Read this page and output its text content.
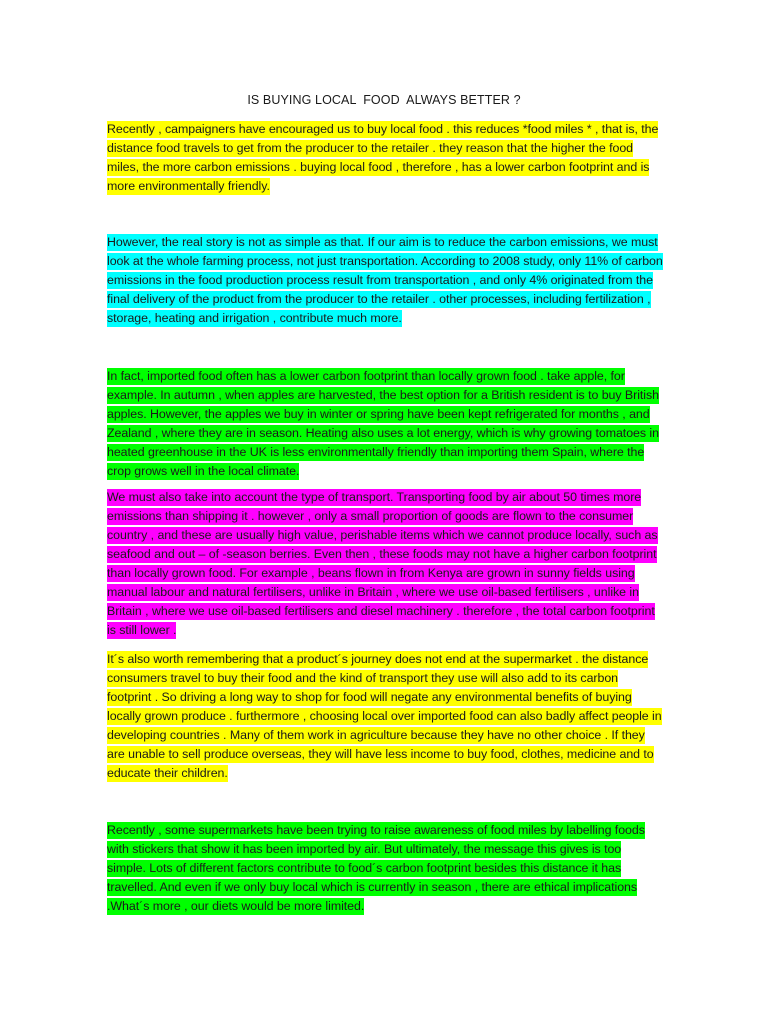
IS BUYING LOCAL  FOOD  ALWAYS BETTER ?

Recently , campaigners have encouraged us to buy local food . this reduces *food miles * , that is, the distance food travels to get from the producer to the retailer . they reason that the higher the food miles, the more carbon emissions . buying local food , therefore , has a lower carbon footprint and is more environmentally friendly.

However, the real story is not as simple as that. If our aim is to reduce the carbon emissions, we must look at the whole farming process, not just transportation. According to 2008 study, only 11% of carbon emissions in the food production process result from transportation , and only 4% originated from the final delivery of the product from the producer to the retailer . other processes, including fertilization , storage, heating and irrigation , contribute much more.

In fact, imported food often has a lower carbon footprint than locally grown food . take apple, for example. In autumn , when apples are harvested, the best option for a British resident is to buy British apples. However, the apples we buy in winter or spring have been kept refrigerated for months , and Zealand , where they are in season. Heating also uses a lot energy, which is why growing tomatoes in heated greenhouse in the UK is less environmentally friendly than importing them Spain, where the crop grows well in the local climate.

We must also take into account the type of transport. Transporting food by air about 50 times more emissions than shipping it . however , only a small proportion of goods are flown to the consumer country , and these are usually high value, perishable items which we cannot produce locally, such as seafood and out – of -season berries. Even then , these foods may not have a higher carbon footprint than locally grown food. For example , beans flown in from Kenya are grown in sunny fields using manual labour and natural fertilisers, unlike in Britain , where we use oil-based fertilisers , unlike in Britain , where we use oil-based fertilisers and diesel machinery . therefore , the total carbon footprint is still lower .

It´s also worth remembering that a product´s journey does not end at the supermarket . the distance consumers travel to buy their food and the kind of transport they use will also add to its carbon footprint . So driving a long way to shop for food will negate any environmental benefits of buying locally grown produce . furthermore , choosing local over imported food can also badly affect people in developing countries . Many of them work in agriculture because they have no other choice . If they are unable to sell produce overseas, they will have less income to buy food, clothes, medicine and to educate their children.

Recently , some supermarkets have been trying to raise awareness of food miles by labelling foods with stickers that show it has been imported by air. But ultimately, the message this gives is too simple. Lots of different factors contribute to food´s carbon footprint besides this distance it has travelled. And even if we only buy local which is currently in season , there are ethical implications .What´s more , our diets would be more limited.
